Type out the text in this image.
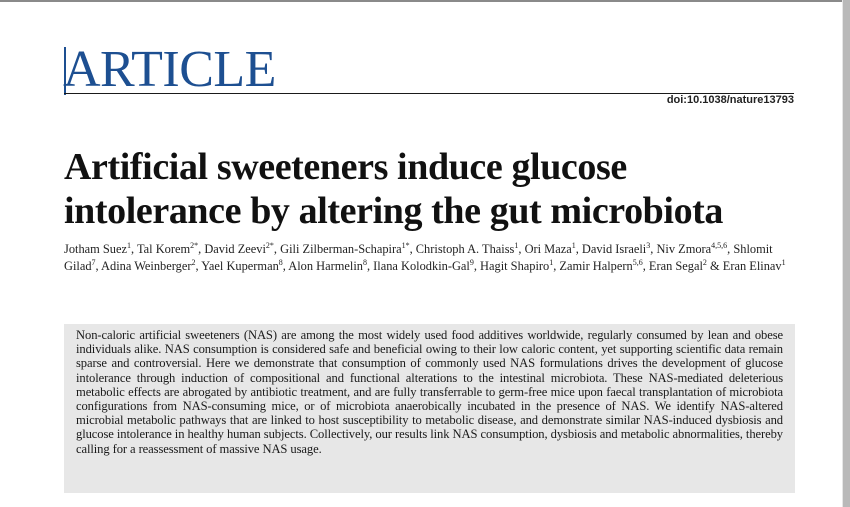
ARTICLE
doi:10.1038/nature13793
Artificial sweeteners induce glucose
intolerance by altering the gut microbiota
Jotham Suez$^1$, Tal Korem$^{2*}$, David Zeevi$^{2*}$, Gili Zilberman-Schapira$^{1*}$, Christoph A. Thaiss$^1$, Ori Maza$^1$, David Israeli$^3$, Niv Zmora$^{4,5,6}$, Shlomit Gilad$^7$, Adina Weinberger$^2$, Yael Kuperman$^8$, Alon Harmelin$^8$, Ilana Kolodkin-Gal$^9$, Hagit Shapiro$^1$, Zamir Halpern$^{5,6}$, Eran Segal$^2$ & Eran Elinav$^1$

Non-caloric artificial sweeteners (NAS) are among the most widely used food additives worldwide, regularly consumed by lean and obese individuals alike. NAS consumption is considered safe and beneficial owing to their low caloric content, yet supporting scientific data remain sparse and controversial. Here we demonstrate that consumption of commonly used NAS formulations drives the development of glucose intolerance through induction of compositional and functional alterations to the intestinal microbiota. These NAS-mediated deleterious metabolic effects are abrogated by antibiotic treatment, and are fully transferrable to germ-free mice upon faecal transplantation of microbiota configurations from NAS-consuming mice, or of microbiota anaerobically incubated in the presence of NAS. We identify NAS-altered microbial metabolic pathways that are linked to host susceptibility to metabolic disease, and demonstrate similar NAS-induced dysbiosis and glucose intolerance in healthy human subjects. Collectively, our results link NAS consumption, dysbiosis and metabolic abnormalities, thereby calling for a reassessment of massive NAS usage.
